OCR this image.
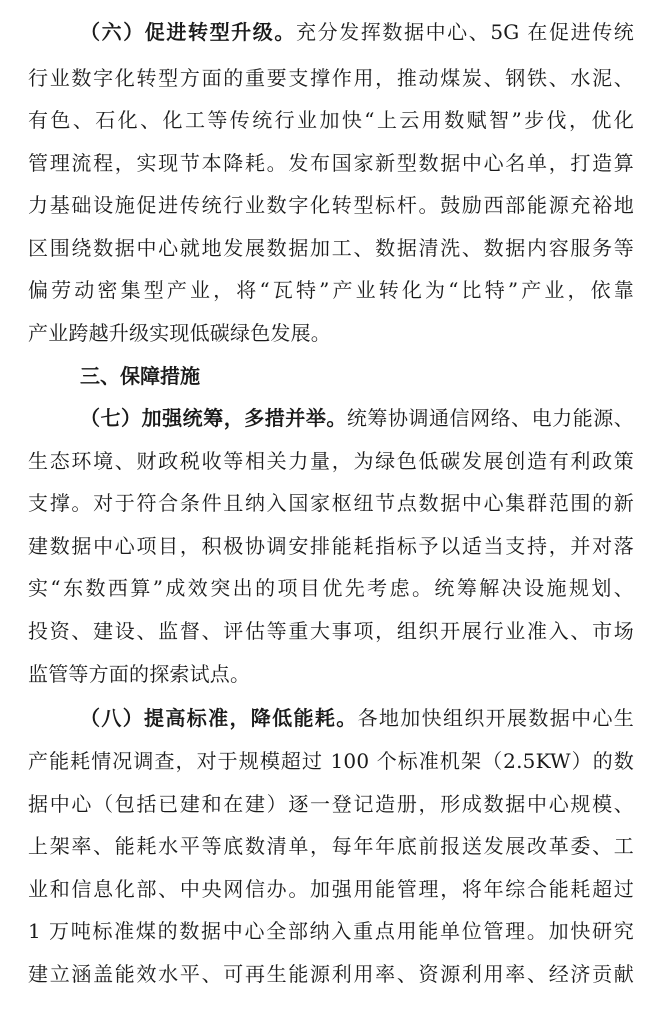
（六）促进转型升级。充分发挥数据中心、5G 在促进传统
行业数字化转型方面的重要支撑作用，推动煤炭、钢铁、水泥、
有色、石化、化工等传统行业加快“上云用数赋智”步伐，优化
管理流程，实现节本降耗。发布国家新型数据中心名单，打造算
力基础设施促进传统行业数字化转型标杆。鼓励西部能源充裕地
区围绕数据中心就地发展数据加工、数据清洗、数据内容服务等
偏劳动密集型产业，将“瓦特”产业转化为“比特”产业，依靠
产业跨越升级实现低碳绿色发展。
三、保障措施
（七）加强统筹，多措并举。统筹协调通信网络、电力能源、
生态环境、财政税收等相关力量，为绿色低碳发展创造有利政策
支撑。对于符合条件且纳入国家枢纽节点数据中心集群范围的新
建数据中心项目，积极协调安排能耗指标予以适当支持，并对落
实“东数西算”成效突出的项目优先考虑。统筹解决设施规划、
投资、建设、监督、评估等重大事项，组织开展行业准入、市场
监管等方面的探索试点。
（八）提高标准，降低能耗。各地加快组织开展数据中心生
产能耗情况调查，对于规模超过 100 个标准机架（2.5KW）的数
据中心（包括已建和在建）逐一登记造册，形成数据中心规模、
上架率、能耗水平等底数清单，每年年底前报送发展改革委、工
业和信息化部、中央网信办。加强用能管理，将年综合能耗超过
1 万吨标准煤的数据中心全部纳入重点用能单位管理。加快研究
建立涵盖能效水平、可再生能源利用率、资源利用率、经济贡献
